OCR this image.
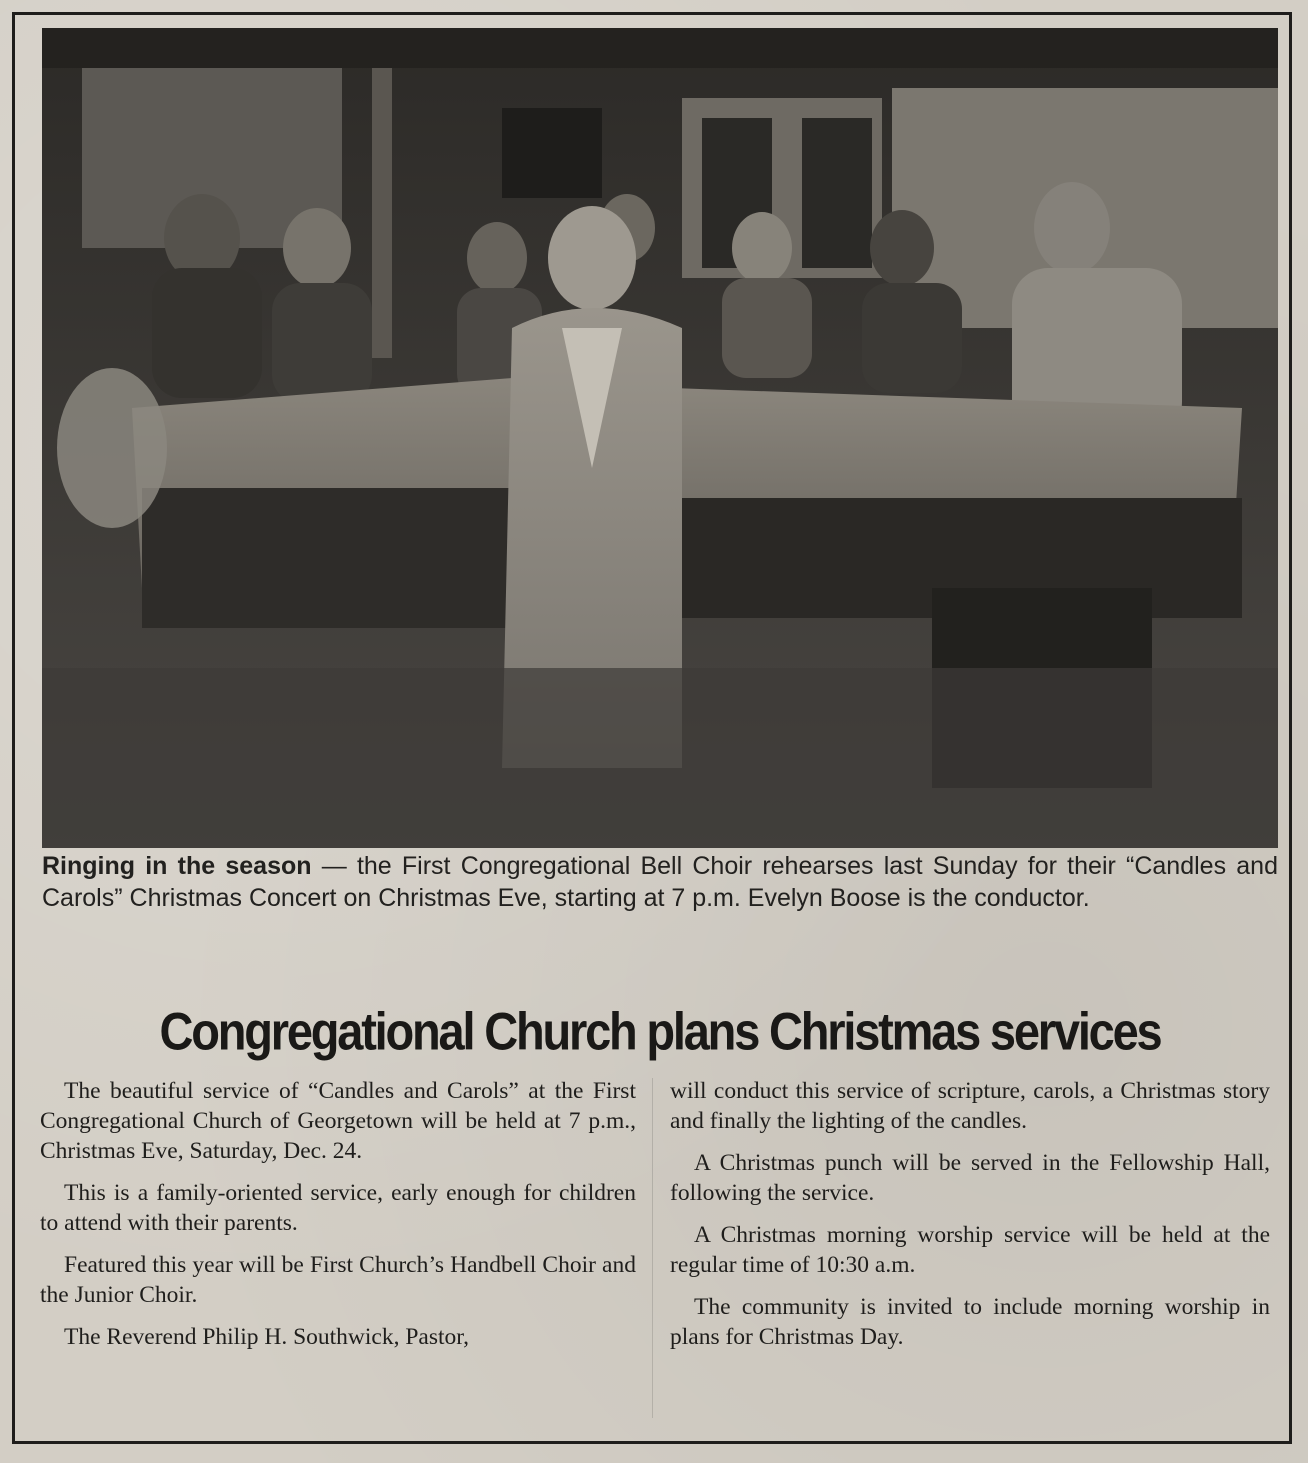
Ringing in the season — the First Congregational Bell Choir rehearses last Sunday for their “Candles and Carols” Christmas Concert on Christmas Eve, starting at 7 p.m. Evelyn Boose is the conductor.
Congregational Church plans Christmas services

The beautiful service of “Candles and Carols” at the First Congregational Church of Georgetown will be held at 7 p.m., Christmas Eve, Saturday, Dec. 24.

This is a family-oriented service, early enough for children to attend with their parents.

Featured this year will be First Church’s Handbell Choir and the Junior Choir.

The Reverend Philip H. Southwick, Pastor,

will conduct this service of scripture, carols, a Christmas story and finally the lighting of the candles.

A Christmas punch will be served in the Fellowship Hall, following the service.

A Christmas morning worship service will be held at the regular time of 10:30 a.m.

The community is invited to include morning worship in plans for Christmas Day.
